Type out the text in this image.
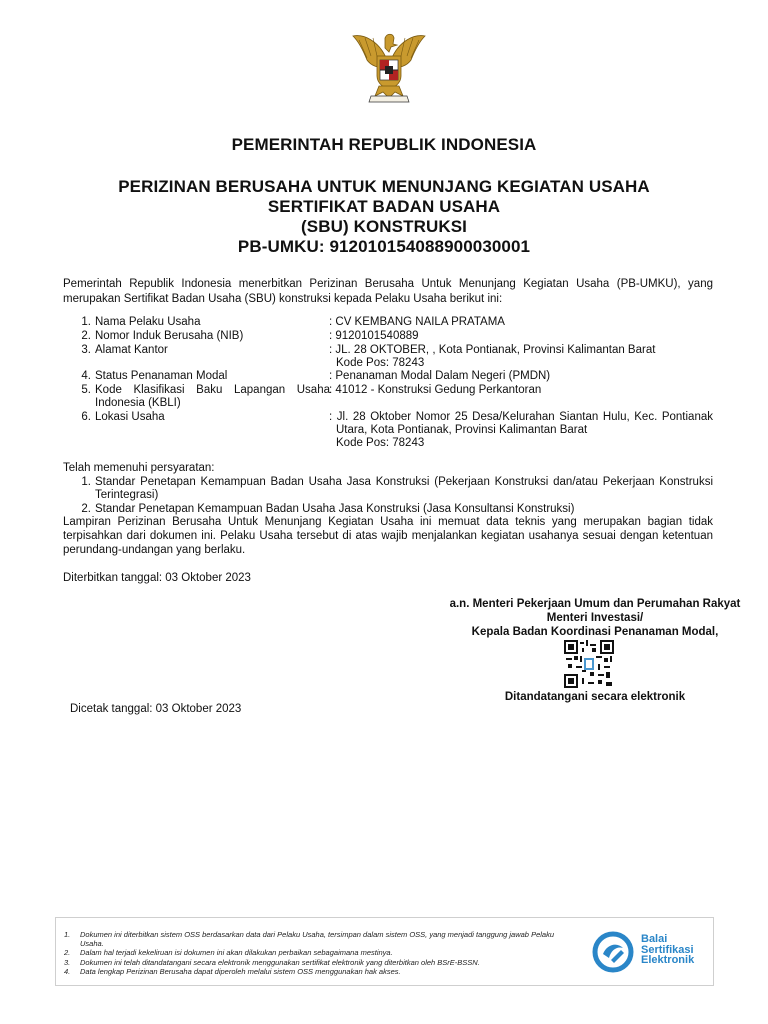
PEMERINTAH REPUBLIK INDONESIA
PERIZINAN BERUSAHA UNTUK MENUNJANG KEGIATAN USAHA
SERTIFIKAT BADAN USAHA
(SBU) KONSTRUKSI
PB-UMKU: 912010154088900030001
Pemerintah Republik Indonesia menerbitkan Perizinan Berusaha Untuk Menunjang Kegiatan Usaha (PB-UMKU), yang merupakan Sertifikat Badan Usaha (SBU) konstruksi kepada Pelaku Usaha berikut ini:
1. Nama Pelaku Usaha	: CV KEMBANG NAILA PRATAMA
2. Nomor Induk Berusaha (NIB)	: 9120101540889
3. Alamat Kantor	: JL. 28 OKTOBER, , Kota Pontianak, Provinsi Kalimantan Barat
Kode Pos: 78243
4. Status Penanaman Modal	: Penanaman Modal Dalam Negeri (PMDN)
5. Kode Klasifikasi Baku Lapangan Usaha : 41012 - Konstruksi Gedung Perkantoran
Indonesia (KBLI)
6. Lokasi Usaha	: Jl. 28 Oktober Nomor 25 Desa/Kelurahan Siantan Hulu, Kec. Pontianak
Utara, Kota Pontianak, Provinsi Kalimantan Barat
Kode Pos: 78243
Telah memenuhi persyaratan:
1. Standar Penetapan Kemampuan Badan Usaha Jasa Konstruksi (Pekerjaan Konstruksi dan/atau Pekerjaan Konstruksi Terintegrasi)
2. Standar Penetapan Kemampuan Badan Usaha Jasa Konstruksi (Jasa Konsultansi Konstruksi)
Lampiran Perizinan Berusaha Untuk Menunjang Kegiatan Usaha ini memuat data teknis yang merupakan bagian tidak terpisahkan dari dokumen ini. Pelaku Usaha tersebut di atas wajib menjalankan kegiatan usahanya sesuai dengan ketentuan perundang-undangan yang berlaku.
Diterbitkan tanggal: 03 Oktober 2023
a.n. Menteri Pekerjaan Umum dan Perumahan Rakyat
Menteri Investasi/
Kepala Badan Koordinasi Penanaman Modal,
Ditandatangani secara elektronik
Dicetak tanggal: 03 Oktober 2023
1. Dokumen ini diterbitkan sistem OSS berdasarkan data dari Pelaku Usaha, tersimpan dalam sistem OSS, yang menjadi tanggung jawab Pelaku Usaha.
2. Dalam hal terjadi kekeliruan isi dokumen ini akan dilakukan perbaikan sebagaimana mestinya.
3. Dokumen ini telah ditandatangani secara elektronik menggunakan sertifikat elektronik yang diterbitkan oleh BSrE-BSSN.
4. Data lengkap Perizinan Berusaha dapat diperoleh melalui sistem OSS menggunakan hak akses.
Balai
Sertifikasi
Elektronik
